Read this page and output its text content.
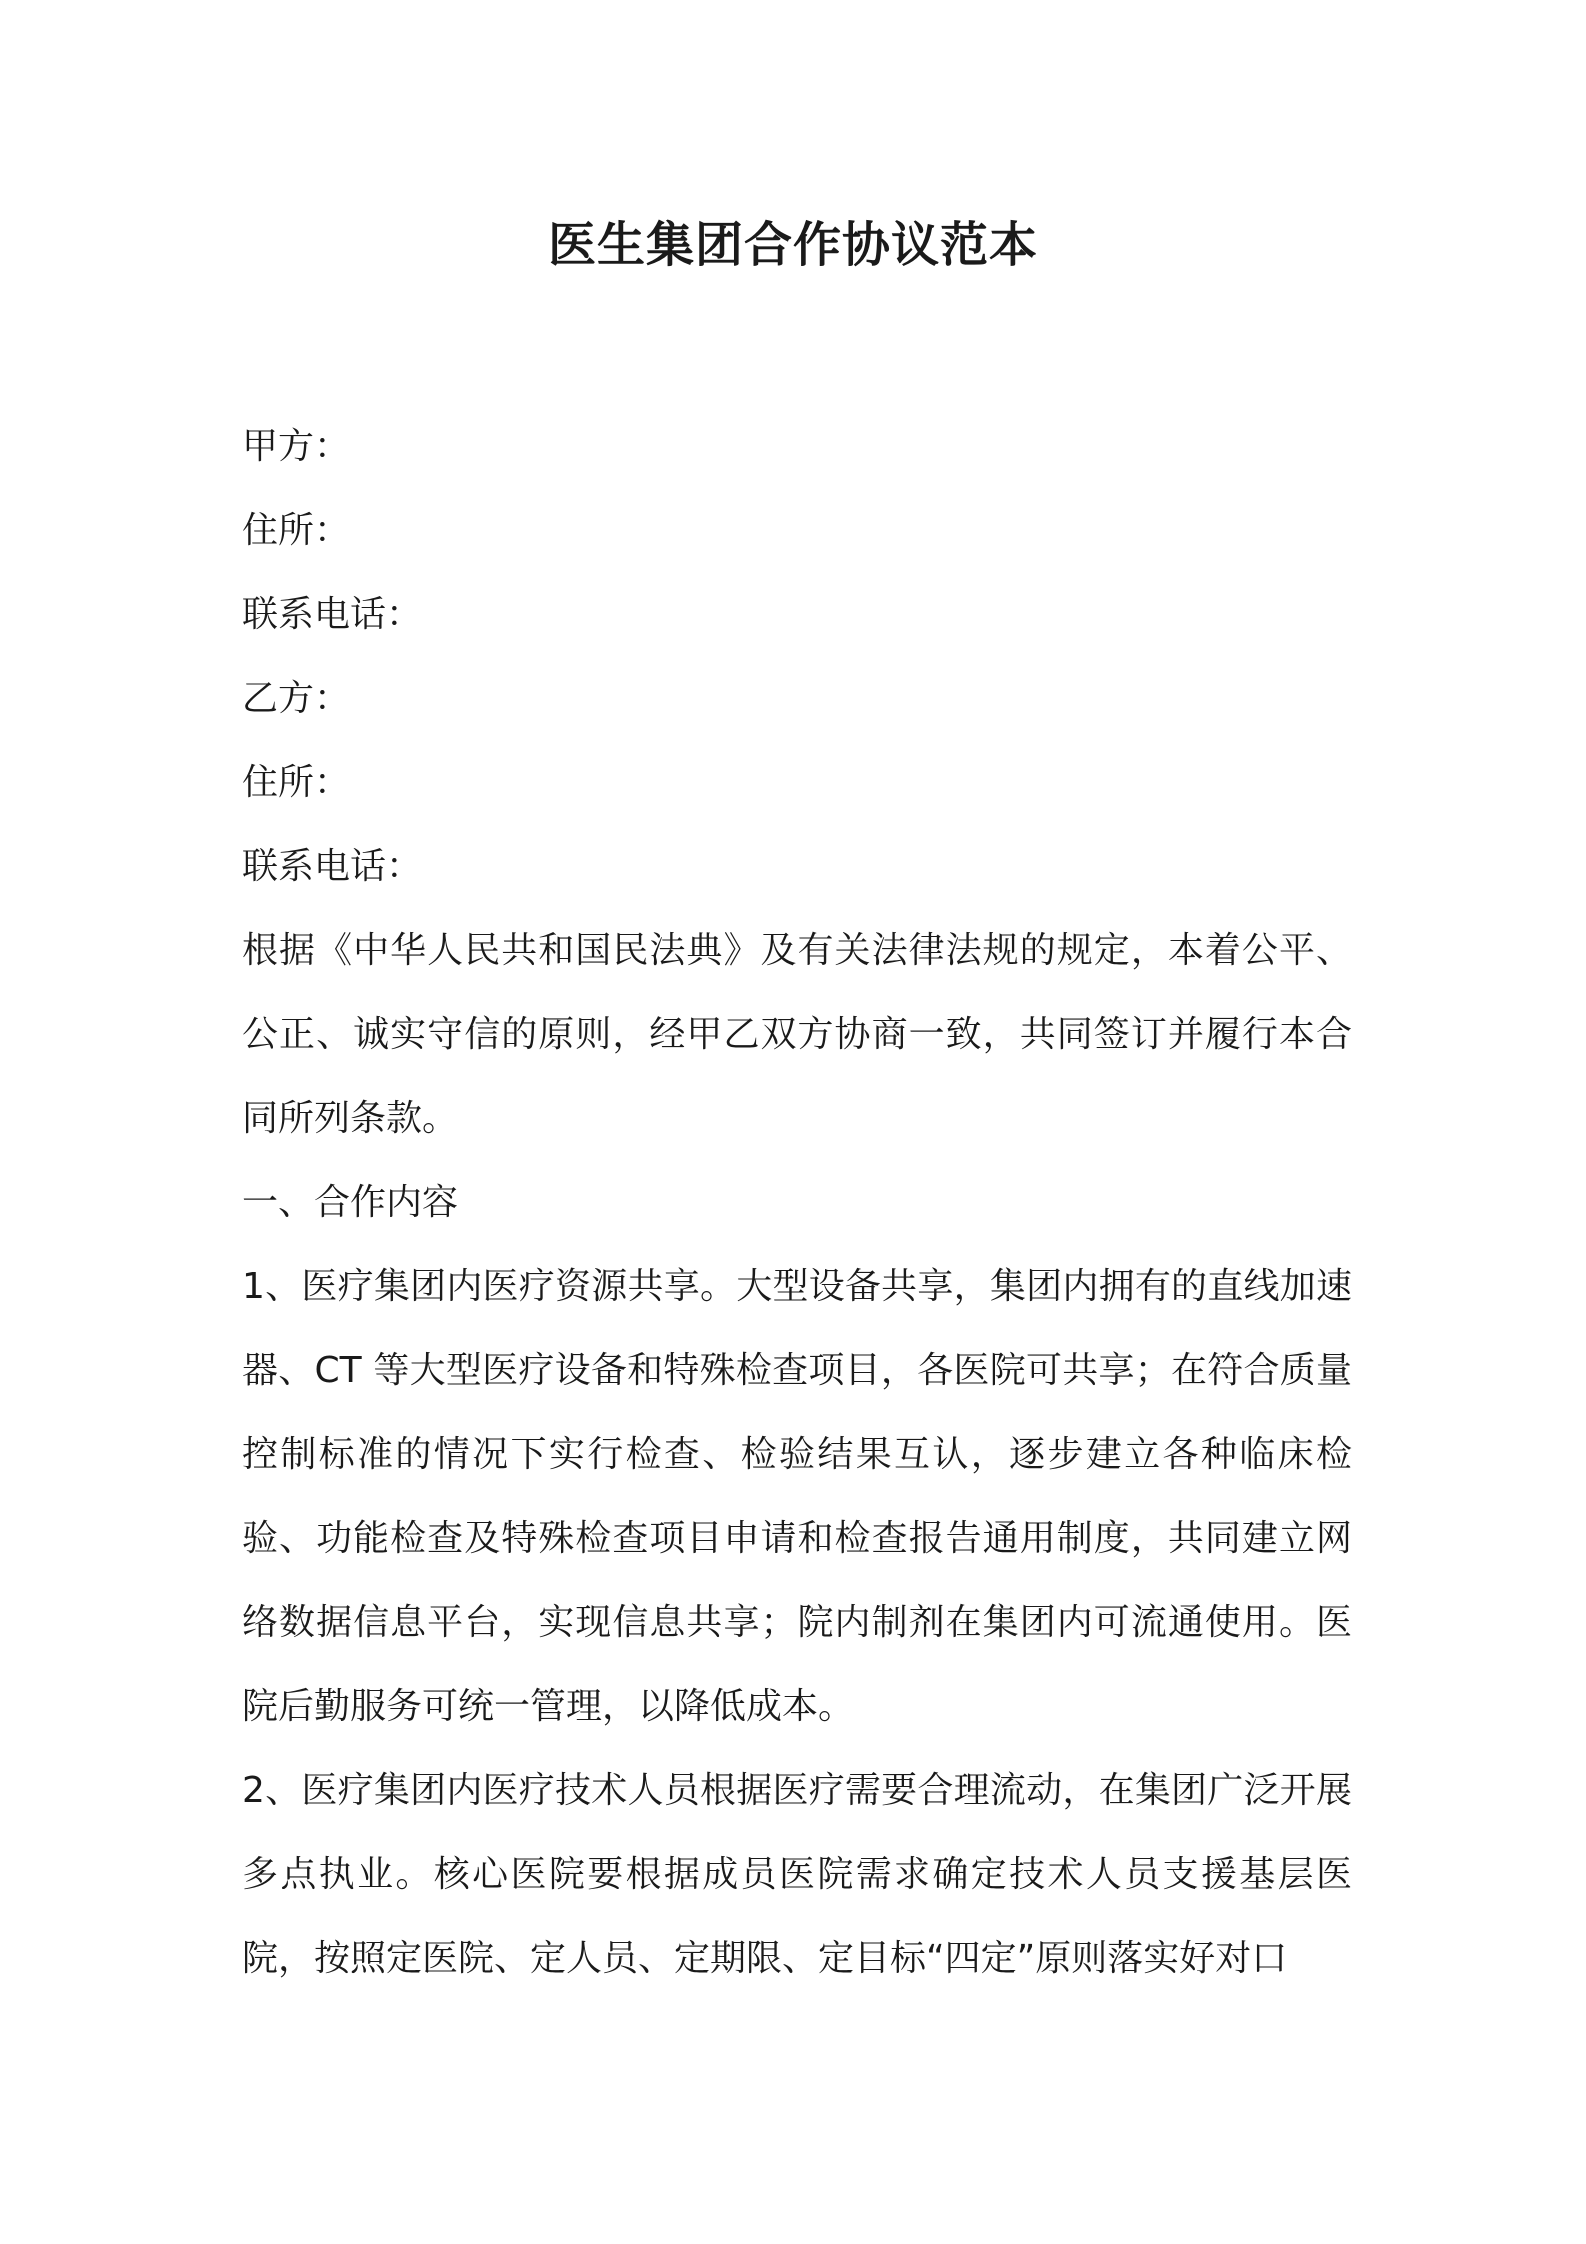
医生集团合作协议范本

甲方：

住所：

联系电话：

乙方：

住所：

联系电话：

根据《中华人民共和国民法典》及有关法律法规的规定，本着公平、公正、诚实守信的原则，经甲乙双方协商一致，共同签订并履行本合同所列条款。

一、合作内容

1、医疗集团内医疗资源共享。大型设备共享，集团内拥有的直线加速器、CT 等大型医疗设备和特殊检查项目，各医院可共享；在符合质量控制标准的情况下实行检查、检验结果互认，逐步建立各种临床检验、功能检查及特殊检查项目申请和检查报告通用制度，共同建立网络数据信息平台，实现信息共享；院内制剂在集团内可流通使用。医院后勤服务可统一管理，以降低成本。

2、医疗集团内医疗技术人员根据医疗需要合理流动，在集团广泛开展多点执业。核心医院要根据成员医院需求确定技术人员支援基层医院，按照定医院、定人员、定期限、定目标“四定”原则落实好对口
